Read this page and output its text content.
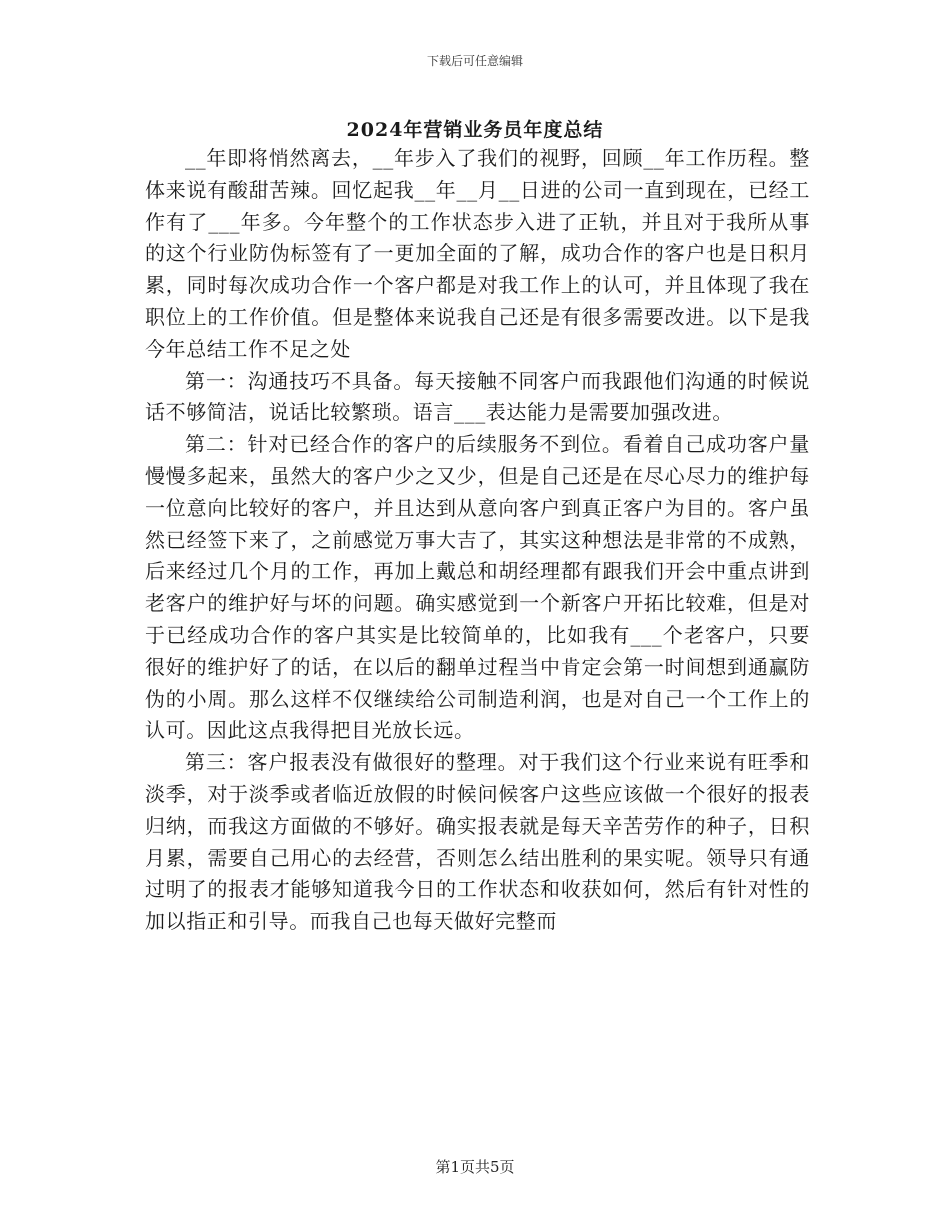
下载后可任意编辑
2024年营销业务员年度总结

__年即将悄然离去，__年步入了我们的视野，回顾__年工作历程。整体来说有酸甜苦辣。回忆起我__年__月__日进的公司一直到现在，已经工作有了___年多。今年整个的工作状态步入进了正轨，并且对于我所从事的这个行业防伪标签有了一更加全面的了解，成功合作的客户也是日积月累，同时每次成功合作一个客户都是对我工作上的认可，并且体现了我在职位上的工作价值。但是整体来说我自己还是有很多需要改进。以下是我今年总结工作不足之处

第一：沟通技巧不具备。每天接触不同客户而我跟他们沟通的时候说话不够简洁，说话比较繁琐。语言___表达能力是需要加强改进。

第二：针对已经合作的客户的后续服务不到位。看着自己成功客户量慢慢多起来，虽然大的客户少之又少，但是自己还是在尽心尽力的维护每一位意向比较好的客户，并且达到从意向客户到真正客户为目的。客户虽然已经签下来了，之前感觉万事大吉了，其实这种想法是非常的不成熟，后来经过几个月的工作，再加上戴总和胡经理都有跟我们开会中重点讲到老客户的维护好与坏的问题。确实感觉到一个新客户开拓比较难，但是对于已经成功合作的客户其实是比较简单的，比如我有___个老客户，只要很好的维护好了的话，在以后的翻单过程当中肯定会第一时间想到通赢防伪的小周。那么这样不仅继续给公司制造利润，也是对自己一个工作上的认可。因此这点我得把目光放长远。

第三：客户报表没有做很好的整理。对于我们这个行业来说有旺季和淡季，对于淡季或者临近放假的时候问候客户这些应该做一个很好的报表归纳，而我这方面做的不够好。确实报表就是每天辛苦劳作的种子，日积月累，需要自己用心的去经营，否则怎么结出胜利的果实呢。领导只有通过明了的报表才能够知道我今日的工作状态和收获如何，然后有针对性的加以指正和引导。而我自己也每天做好完整而

第1页共5页
